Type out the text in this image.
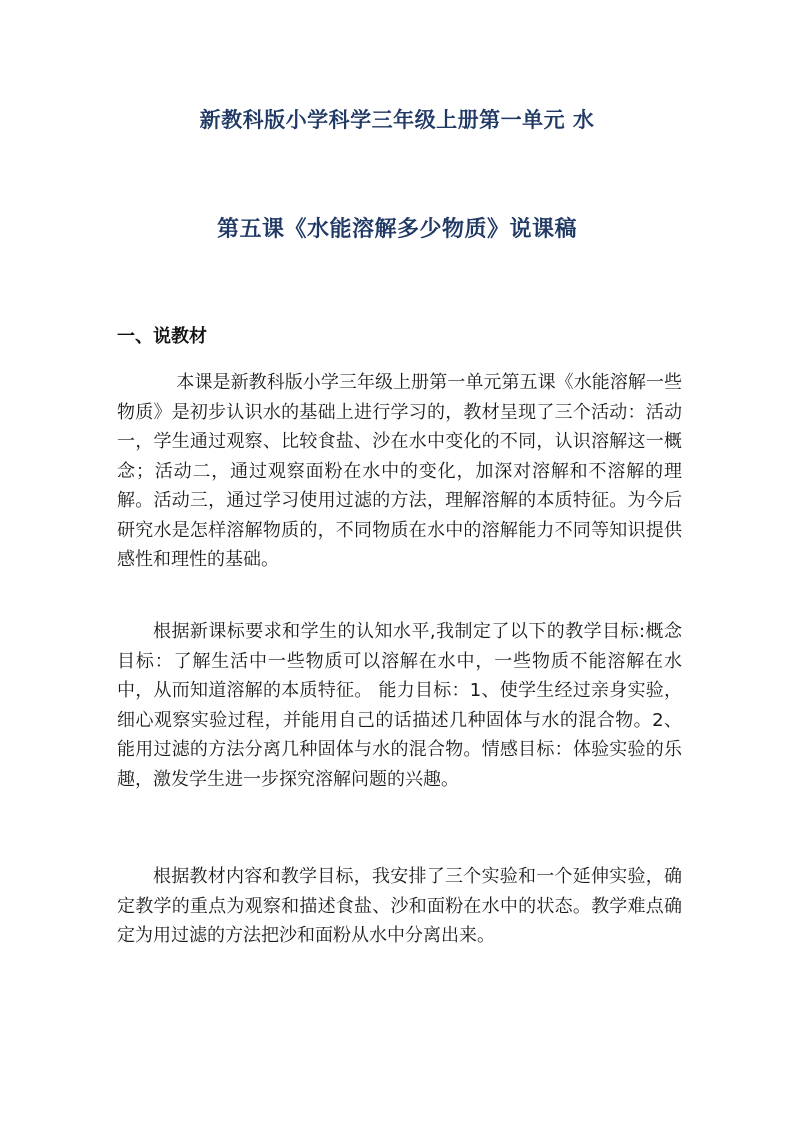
新教科版小学科学三年级上册第一单元 水
第五课《水能溶解多少物质》说课稿
一、说教材

本课是新教科版小学三年级上册第一单元第五课《水能溶解一些物质》是初步认识水的基础上进行学习的，教材呈现了三个活动：活动一，学生通过观察、比较食盐、沙在水中变化的不同，认识溶解这一概念；活动二，通过观察面粉在水中的变化，加深对溶解和不溶解的理解。活动三，通过学习使用过滤的方法，理解溶解的本质特征。为今后研究水是怎样溶解物质的，不同物质在水中的溶解能力不同等知识提供感性和理性的基础。

根据新课标要求和学生的认知水平,我制定了以下的教学目标:概念目标：了解生活中一些物质可以溶解在水中，一些物质不能溶解在水中，从而知道溶解的本质特征。 能力目标：1、使学生经过亲身实验，细心观察实验过程，并能用自己的话描述几种固体与水的混合物。2、能用过滤的方法分离几种固体与水的混合物。情感目标：体验实验的乐趣，激发学生进一步探究溶解问题的兴趣。

根据教材内容和教学目标，我安排了三个实验和一个延伸实验，确定教学的重点为观察和描述食盐、沙和面粉在水中的状态。教学难点确定为用过滤的方法把沙和面粉从水中分离出来。
